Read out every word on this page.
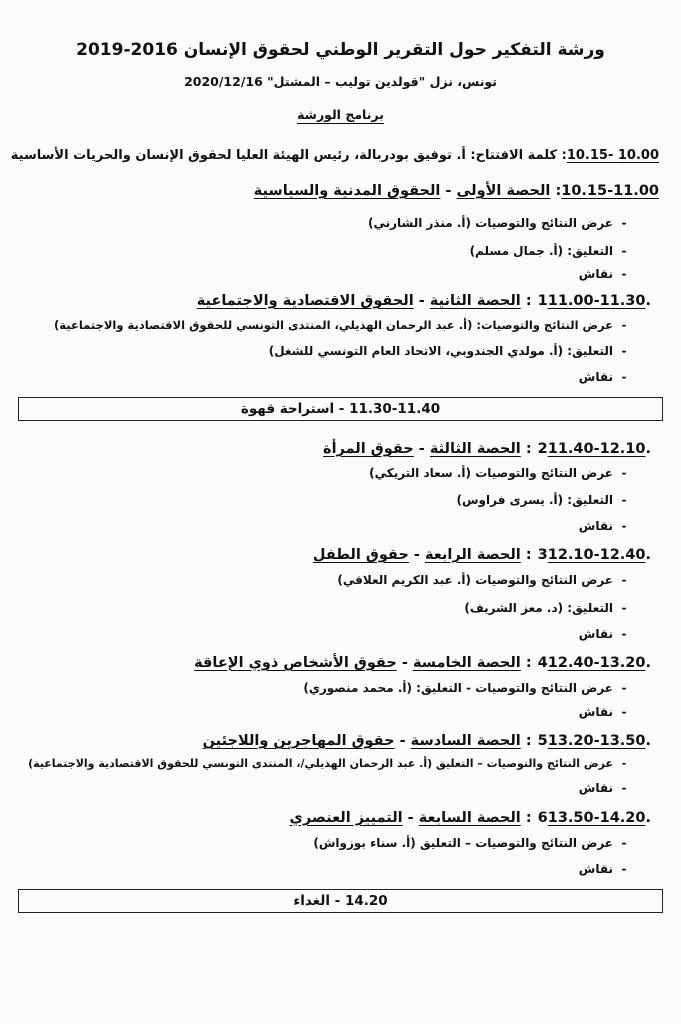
ورشة التفكير حول التقرير الوطني لحقوق الإنسان 2016-2019
تونس، نزل "قولدين توليب – المشتل" 2020/12/16
برنامج الورشة
10.00 -10.15: كلمة الافتتاح: أ. توفيق بودربالة، رئيس الهيئة العليا لحقوق الإنسان والحريات الأساسية
10.15-11.00: الحصة الأولى - الحقوق المدنية والسياسية
-
عرض النتائج والتوصيات (أ. منذر الشارني)
-
التعليق: (أ. جمال مسلم)
-
نقاش
.111.00-11.30: الحصة الثانية - الحقوق الاقتصادية والاجتماعية
-
عرض النتائج والتوصيات: (أ. عبد الرحمان الهذيلي، المنتدى التونسي للحقوق الاقتصادية والاجتماعية)
-
التعليق: (أ. مولدي الجندوبي، الاتحاد العام التونسي للشغل)
-
نقاش
11.30-11.40 - استراحة قهوة
.211.40-12.10: الحصة الثالثة - حقوق المرأة
-
عرض النتائج والتوصيات (أ. سعاد التريكي)
-
التعليق: (أ. يسرى فراوس)
-
نقاش
.312.10-12.40: الحصة الرابعة - حقوق الطفل
-
عرض النتائج والتوصيات (أ. عبد الكريم العلاقي)
-
التعليق: (د. معز الشريف)
-
نقاش
.412.40-13.20: الحصة الخامسة - حقوق الأشخاص ذوي الإعاقة
-
عرض النتائج والتوصيات - التعليق: (أ. محمد منصوري)
-
نقاش
.513.20-13.50: الحصة السادسة - حقوق المهاجرين واللاجئين
-
عرض النتائج والتوصيات – التعليق (أ. عبد الرحمان الهذيلي/، المنتدى التونسي للحقوق الاقتصادية والاجتماعية)
-
نقاش
.613.50-14.20: الحصة السابعة - التمييز العنصري
-
عرض النتائج والتوصيات – التعليق (أ. سناء بوزواش)
-
نقاش
14.20 - الغداء
